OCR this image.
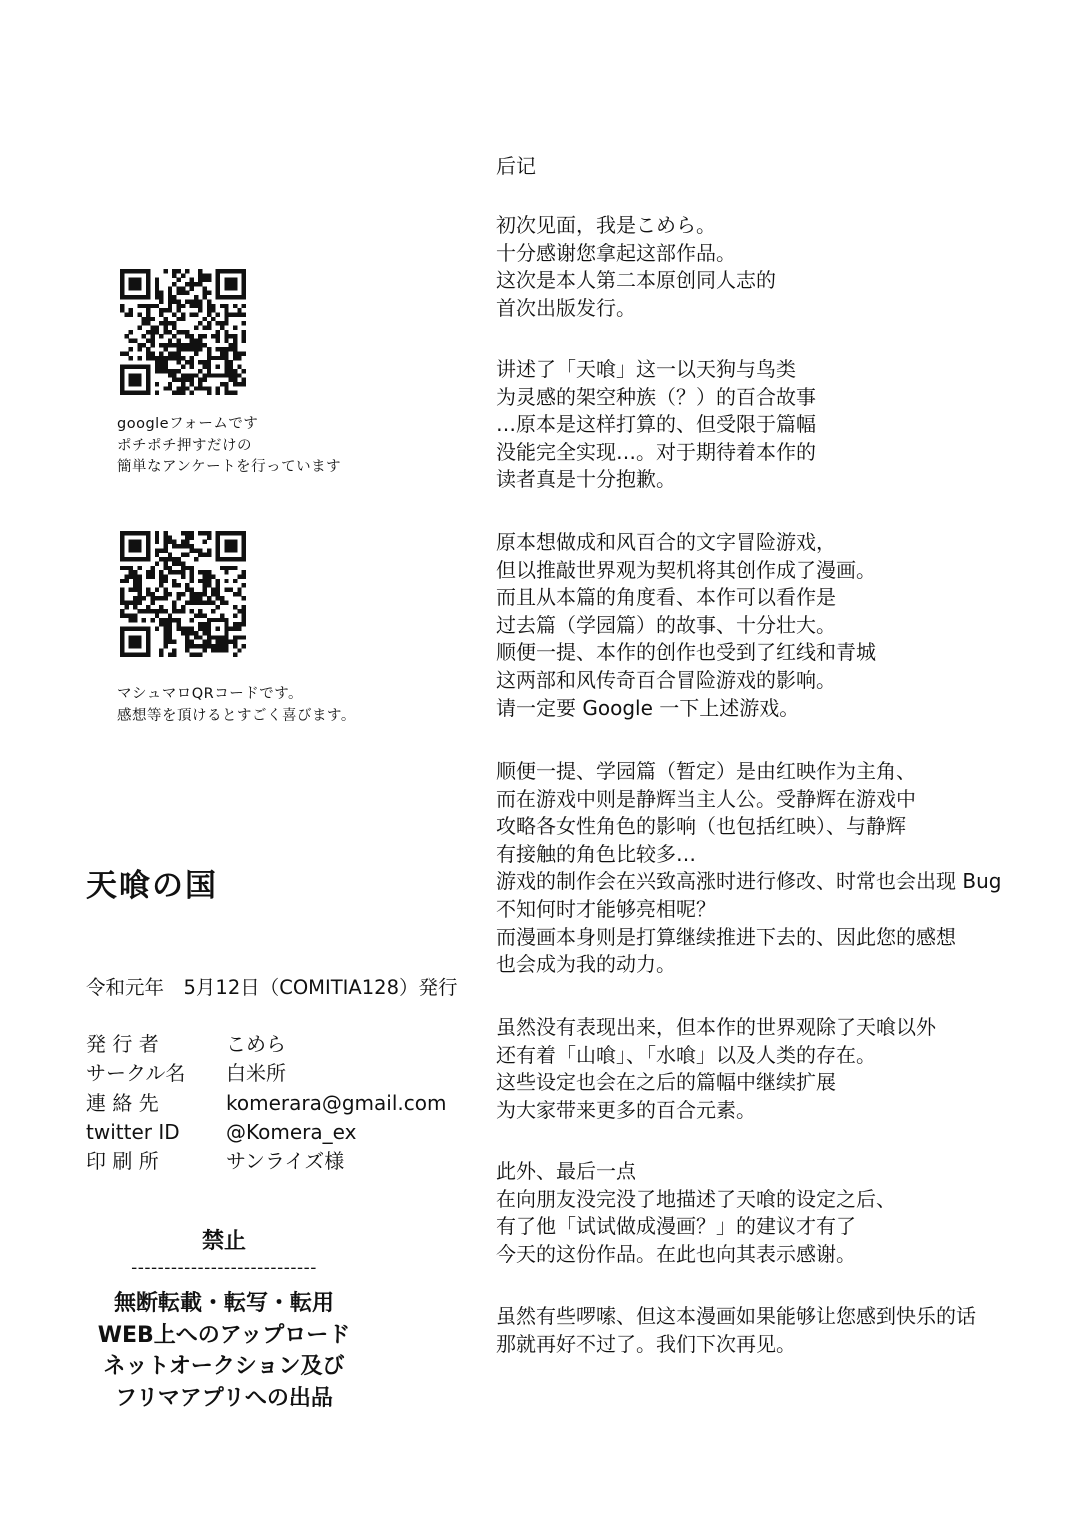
后记
初次见面，我是こめら。
十分感谢您拿起这部作品。
这次是本人第二本原创同人志的
首次出版发行。
讲述了「天喰」这一以天狗与鸟类
为灵感的架空种族（？）的百合故事
…原本是这样打算的、但受限于篇幅
没能完全实现…。对于期待着本作的
读者真是十分抱歉。
原本想做成和风百合的文字冒险游戏，
但以推敲世界观为契机将其创作成了漫画。
而且从本篇的角度看、本作可以看作是
过去篇（学园篇）的故事、十分壮大。
顺便一提、本作的创作也受到了红线和青城
这两部和风传奇百合冒险游戏的影响。
请一定要 Google 一下上述游戏。
顺便一提、学园篇（暂定）是由红映作为主角、
而在游戏中则是静辉当主人公。受静辉在游戏中
攻略各女性角色的影响（也包括红映）、与静辉
有接触的角色比较多…
游戏的制作会在兴致高涨时进行修改、时常也会出现 Bug
不知何时才能够亮相呢？
而漫画本身则是打算继续推进下去的、因此您的感想
也会成为我的动力。
虽然没有表现出来，但本作的世界观除了天喰以外
还有着「山喰」、「水喰」以及人类的存在。
这些设定也会在之后的篇幅中继续扩展
为大家带来更多的百合元素。
此外、最后一点
在向朋友没完没了地描述了天喰的设定之后、
有了他「试试做成漫画？」的建议才有了
今天的这份作品。在此也向其表示感谢。
虽然有些啰嗦、但这本漫画如果能够让您感到快乐的话
那就再好不过了。我们下次再见。
googleフォームです
ポチポチ押すだけの
簡単なアンケートを行っています
マシュマロQRコードです。
感想等を頂けるとすごく喜びます。
天喰の国
令和元年　5月12日（COMITIA128）発行
発 行 者	こめら
サークル名 白米所
連 絡 先	komerara@gmail.com
twitter ID @Komera_ex
印 刷 所	サンライズ様
禁止
----------------------------
無断転載・転写・転用
WEB上へのアップロード
ネットオークション及び
フリマアプリへの出品
